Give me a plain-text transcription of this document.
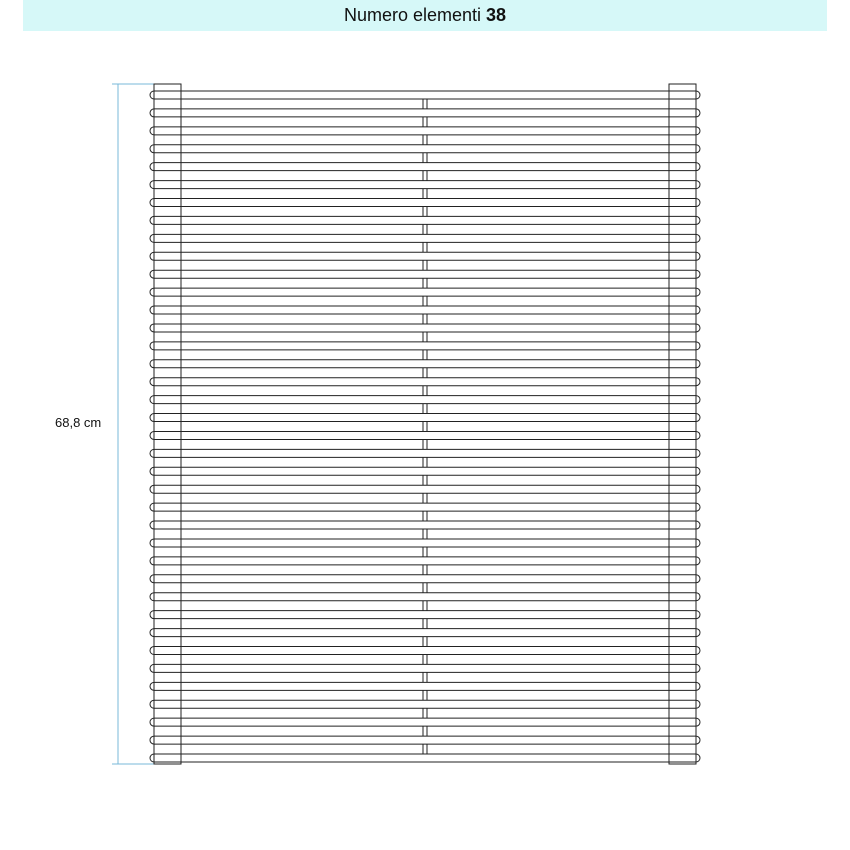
Numero elementi 38
68,8 cm
